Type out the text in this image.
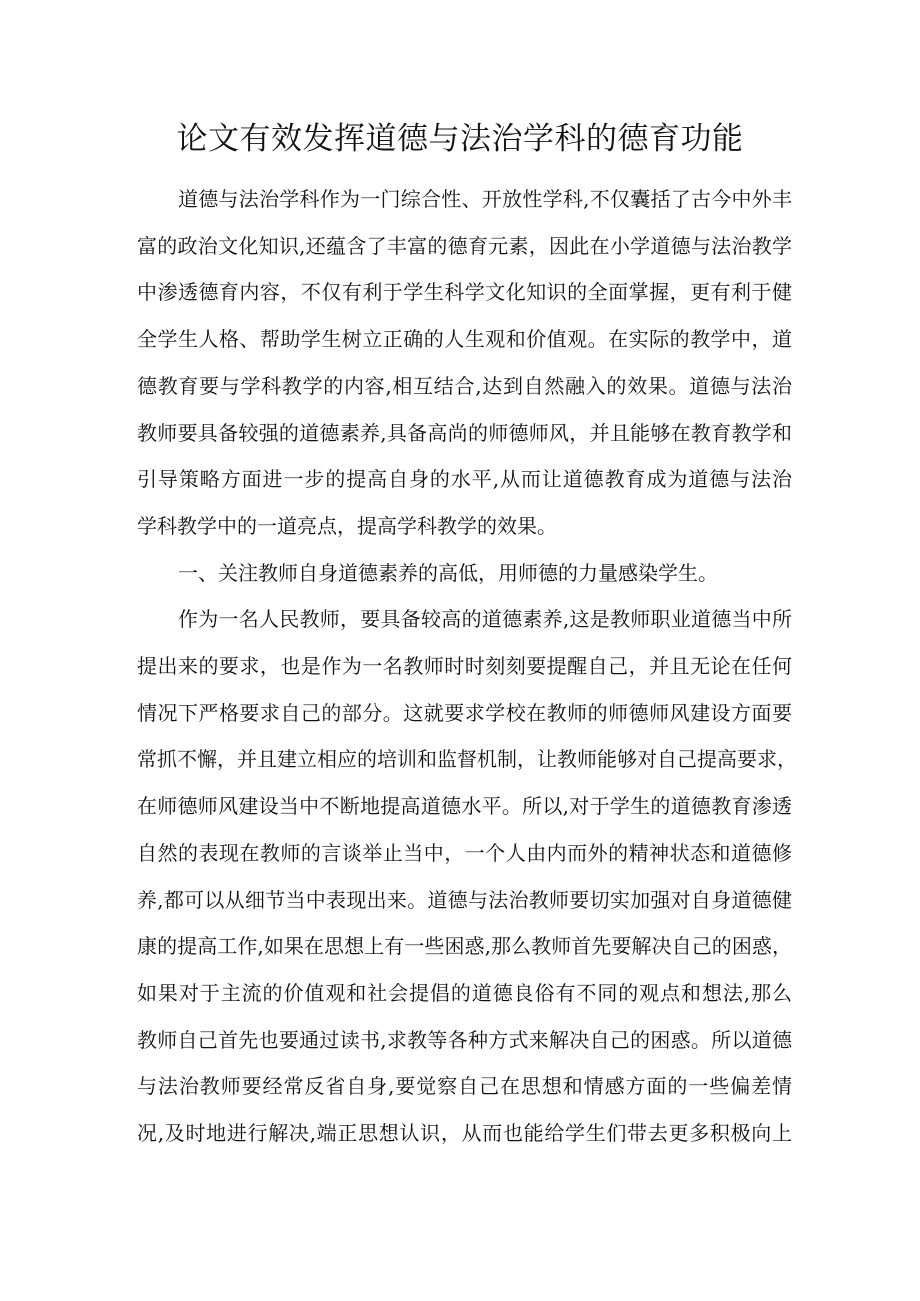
论文有效发挥道德与法治学科的德育功能
道德与法治学科作为一门综合性、开放性学科,不仅囊括了古今中外丰
富的政治文化知识,还蕴含了丰富的德育元素，因此在小学道德与法治教学
中渗透德育内容，不仅有利于学生科学文化知识的全面掌握，更有利于健
全学生人格、帮助学生树立正确的人生观和价值观。在实际的教学中，道
德教育要与学科教学的内容,相互结合,达到自然融入的效果。道德与法治
教师要具备较强的道德素养,具备高尚的师德师风，并且能够在教育教学和
引导策略方面进一步的提高自身的水平,从而让道德教育成为道德与法治
学科教学中的一道亮点，提高学科教学的效果。
一、关注教师自身道德素养的高低，用师德的力量感染学生。
作为一名人民教师，要具备较高的道德素养,这是教师职业道德当中所
提出来的要求，也是作为一名教师时时刻刻要提醒自己，并且无论在任何
情况下严格要求自己的部分。这就要求学校在教师的师德师风建设方面要
常抓不懈，并且建立相应的培训和监督机制，让教师能够对自己提高要求，
在师德师风建设当中不断地提高道德水平。所以,对于学生的道德教育渗透
自然的表现在教师的言谈举止当中，一个人由内而外的精神状态和道德修
养,都可以从细节当中表现出来。道德与法治教师要切实加强对自身道德健
康的提高工作,如果在思想上有一些困惑,那么教师首先要解决自己的困惑，
如果对于主流的价值观和社会提倡的道德良俗有不同的观点和想法,那么
教师自己首先也要通过读书,求教等各种方式来解决自己的困惑。所以道德
与法治教师要经常反省自身,要觉察自己在思想和情感方面的一些偏差情
况,及时地进行解决,端正思想认识，从而也能给学生们带去更多积极向上
